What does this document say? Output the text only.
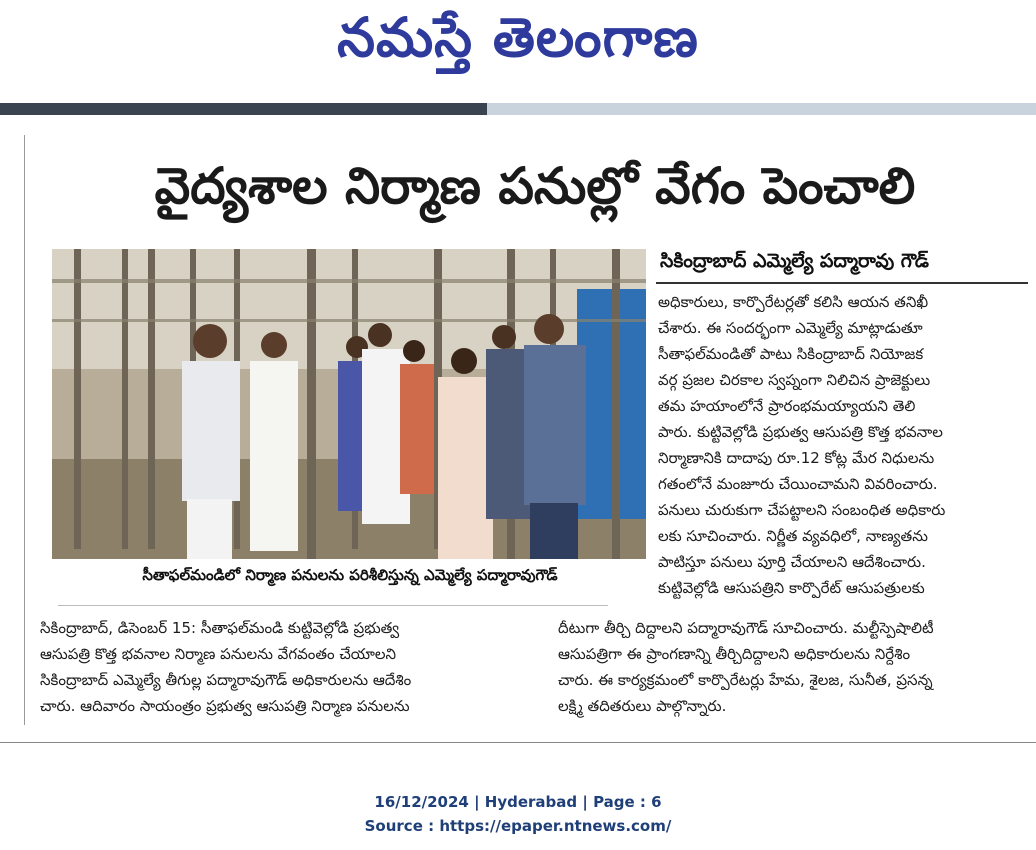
నమస్తే తెలంగాణ
వైద్యశాల నిర్మాణ పనుల్లో వేగం పెంచాలి
సీతాఫల్‌మండిలో నిర్మాణ పనులను పరిశీలిస్తున్న ఎమ్మెల్యే పద్మారావుగౌడ్
సికింద్రాబాద్ ఎమ్మెల్యే పద్మారావు గౌడ్
అధికారులు, కార్పొరేటర్లతో కలిసి ఆయన తనిఖీ
చేశారు. ఈ సందర్భంగా ఎమ్మెల్యే మాట్లాడుతూ
సీతాఫల్‌మండితో పాటు సికింద్రాబాద్ నియోజక
వర్గ ప్రజల చిరకాల స్వప్నంగా నిలిచిన ప్రాజెక్టులు
తమ హయాంలోనే ప్రారంభమయ్యాయని తెలి
పారు. కుట్టివెల్లోడి ప్రభుత్వ ఆసుపత్రి కొత్త భవనాల
నిర్మాణానికి దాదాపు రూ.12 కోట్ల మేర నిధులను
గతంలోనే మంజూరు చేయించామని వివరించారు.
పనులు చురుకుగా చేపట్టాలని సంబంధిత అధికారు
లకు సూచించారు. నిర్ణీత వ్యవధిలో, నాణ్యతను
పాటిస్తూ పనులు పూర్తి చేయాలని ఆదేశించారు.
కుట్టివెల్లోడి ఆసుపత్రిని కార్పొరేట్ ఆసుపత్రులకు
దీటుగా తీర్చి దిద్దాలని పద్మారావుగౌడ్ సూచించారు. మల్టీస్పెషాలిటీ
ఆసుపత్రిగా ఈ ప్రాంగణాన్ని తీర్చిదిద్దాలని అధికారులను నిర్దేశిం
చారు. ఈ కార్యక్రమంలో కార్పొరేటర్లు హేమ, శైలజ, సునీత, ప్రసన్న
లక్ష్మి తదితరులు పాల్గొన్నారు.
సికింద్రాబాద్, డిసెంబర్ 15: సీతాఫల్‌మండి కుట్టివెల్లోడి ప్రభుత్వ
ఆసుపత్రి కొత్త భవనాల నిర్మాణ పనులను వేగవంతం చేయాలని
సికింద్రాబాద్ ఎమ్మెల్యే తీగుల్ల పద్మారావుగౌడ్ అధికారులను ఆదేశిం
చారు. ఆదివారం సాయంత్రం ప్రభుత్వ ఆసుపత్రి నిర్మాణ పనులను
16/12/2024 | Hyderabad | Page : 6
Source : https://epaper.ntnews.com/
